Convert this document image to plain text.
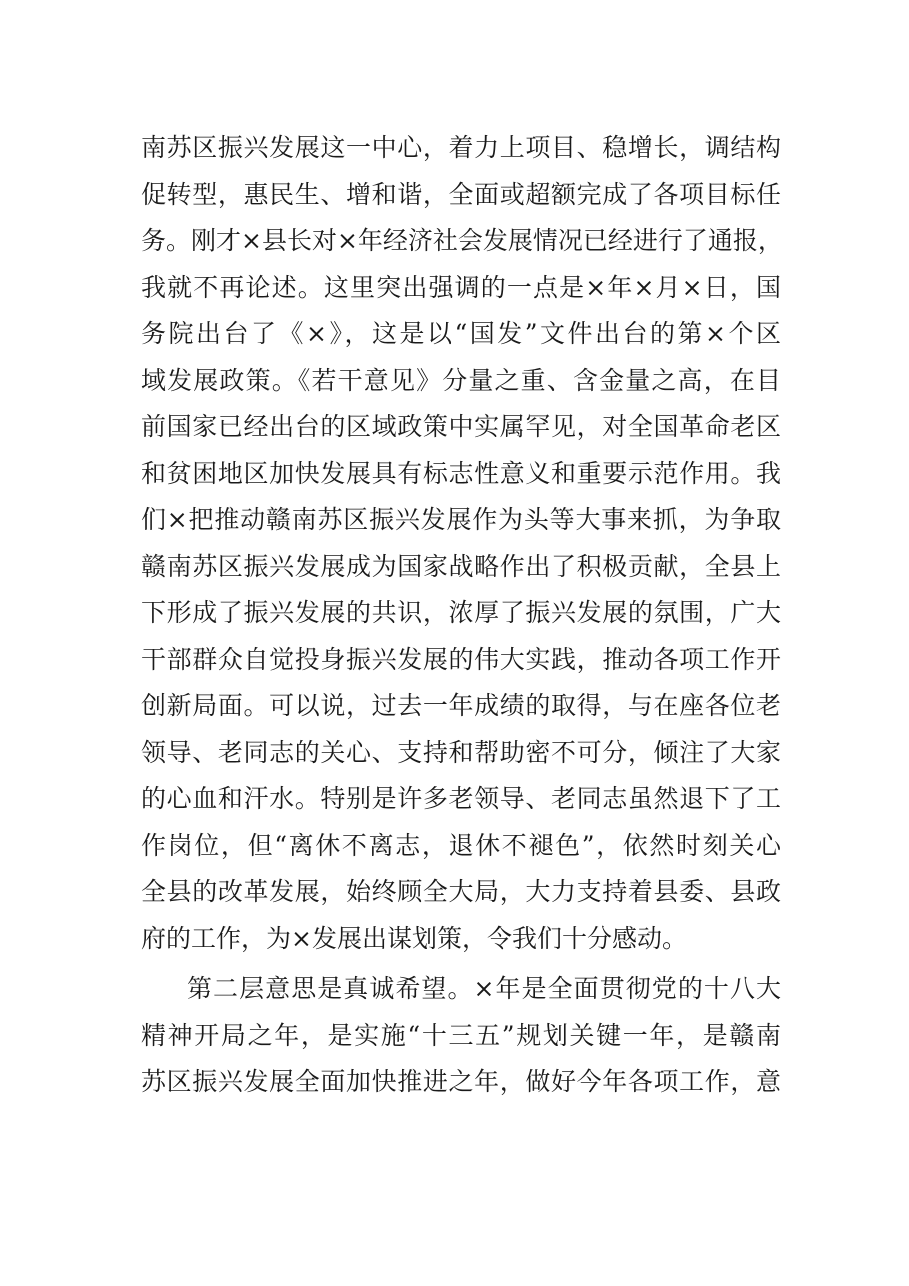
南苏区振兴发展这一中心，着力上项目、稳增长，调结构
促转型，惠民生、增和谐，全面或超额完成了各项目标任
务。刚才×县长对×年经济社会发展情况已经进行了通报，
我就不再论述。这里突出强调的一点是×年×月×日，国
务院出台了《×》，这是以“国发”文件出台的第×个区
域发展政策。《若干意见》分量之重、含金量之高，在目
前国家已经出台的区域政策中实属罕见，对全国革命老区
和贫困地区加快发展具有标志性意义和重要示范作用。我
们×把推动赣南苏区振兴发展作为头等大事来抓，为争取
赣南苏区振兴发展成为国家战略作出了积极贡献，全县上
下形成了振兴发展的共识，浓厚了振兴发展的氛围，广大
干部群众自觉投身振兴发展的伟大实践，推动各项工作开
创新局面。可以说，过去一年成绩的取得，与在座各位老
领导、老同志的关心、支持和帮助密不可分，倾注了大家
的心血和汗水。特别是许多老领导、老同志虽然退下了工
作岗位，但“离休不离志，退休不褪色”，依然时刻关心
全县的改革发展，始终顾全大局，大力支持着县委、县政
府的工作，为×发展出谋划策，令我们十分感动。
第二层意思是真诚希望。×年是全面贯彻党的十八大
精神开局之年，是实施“十三五”规划关键一年，是赣南
苏区振兴发展全面加快推进之年，做好今年各项工作，意
